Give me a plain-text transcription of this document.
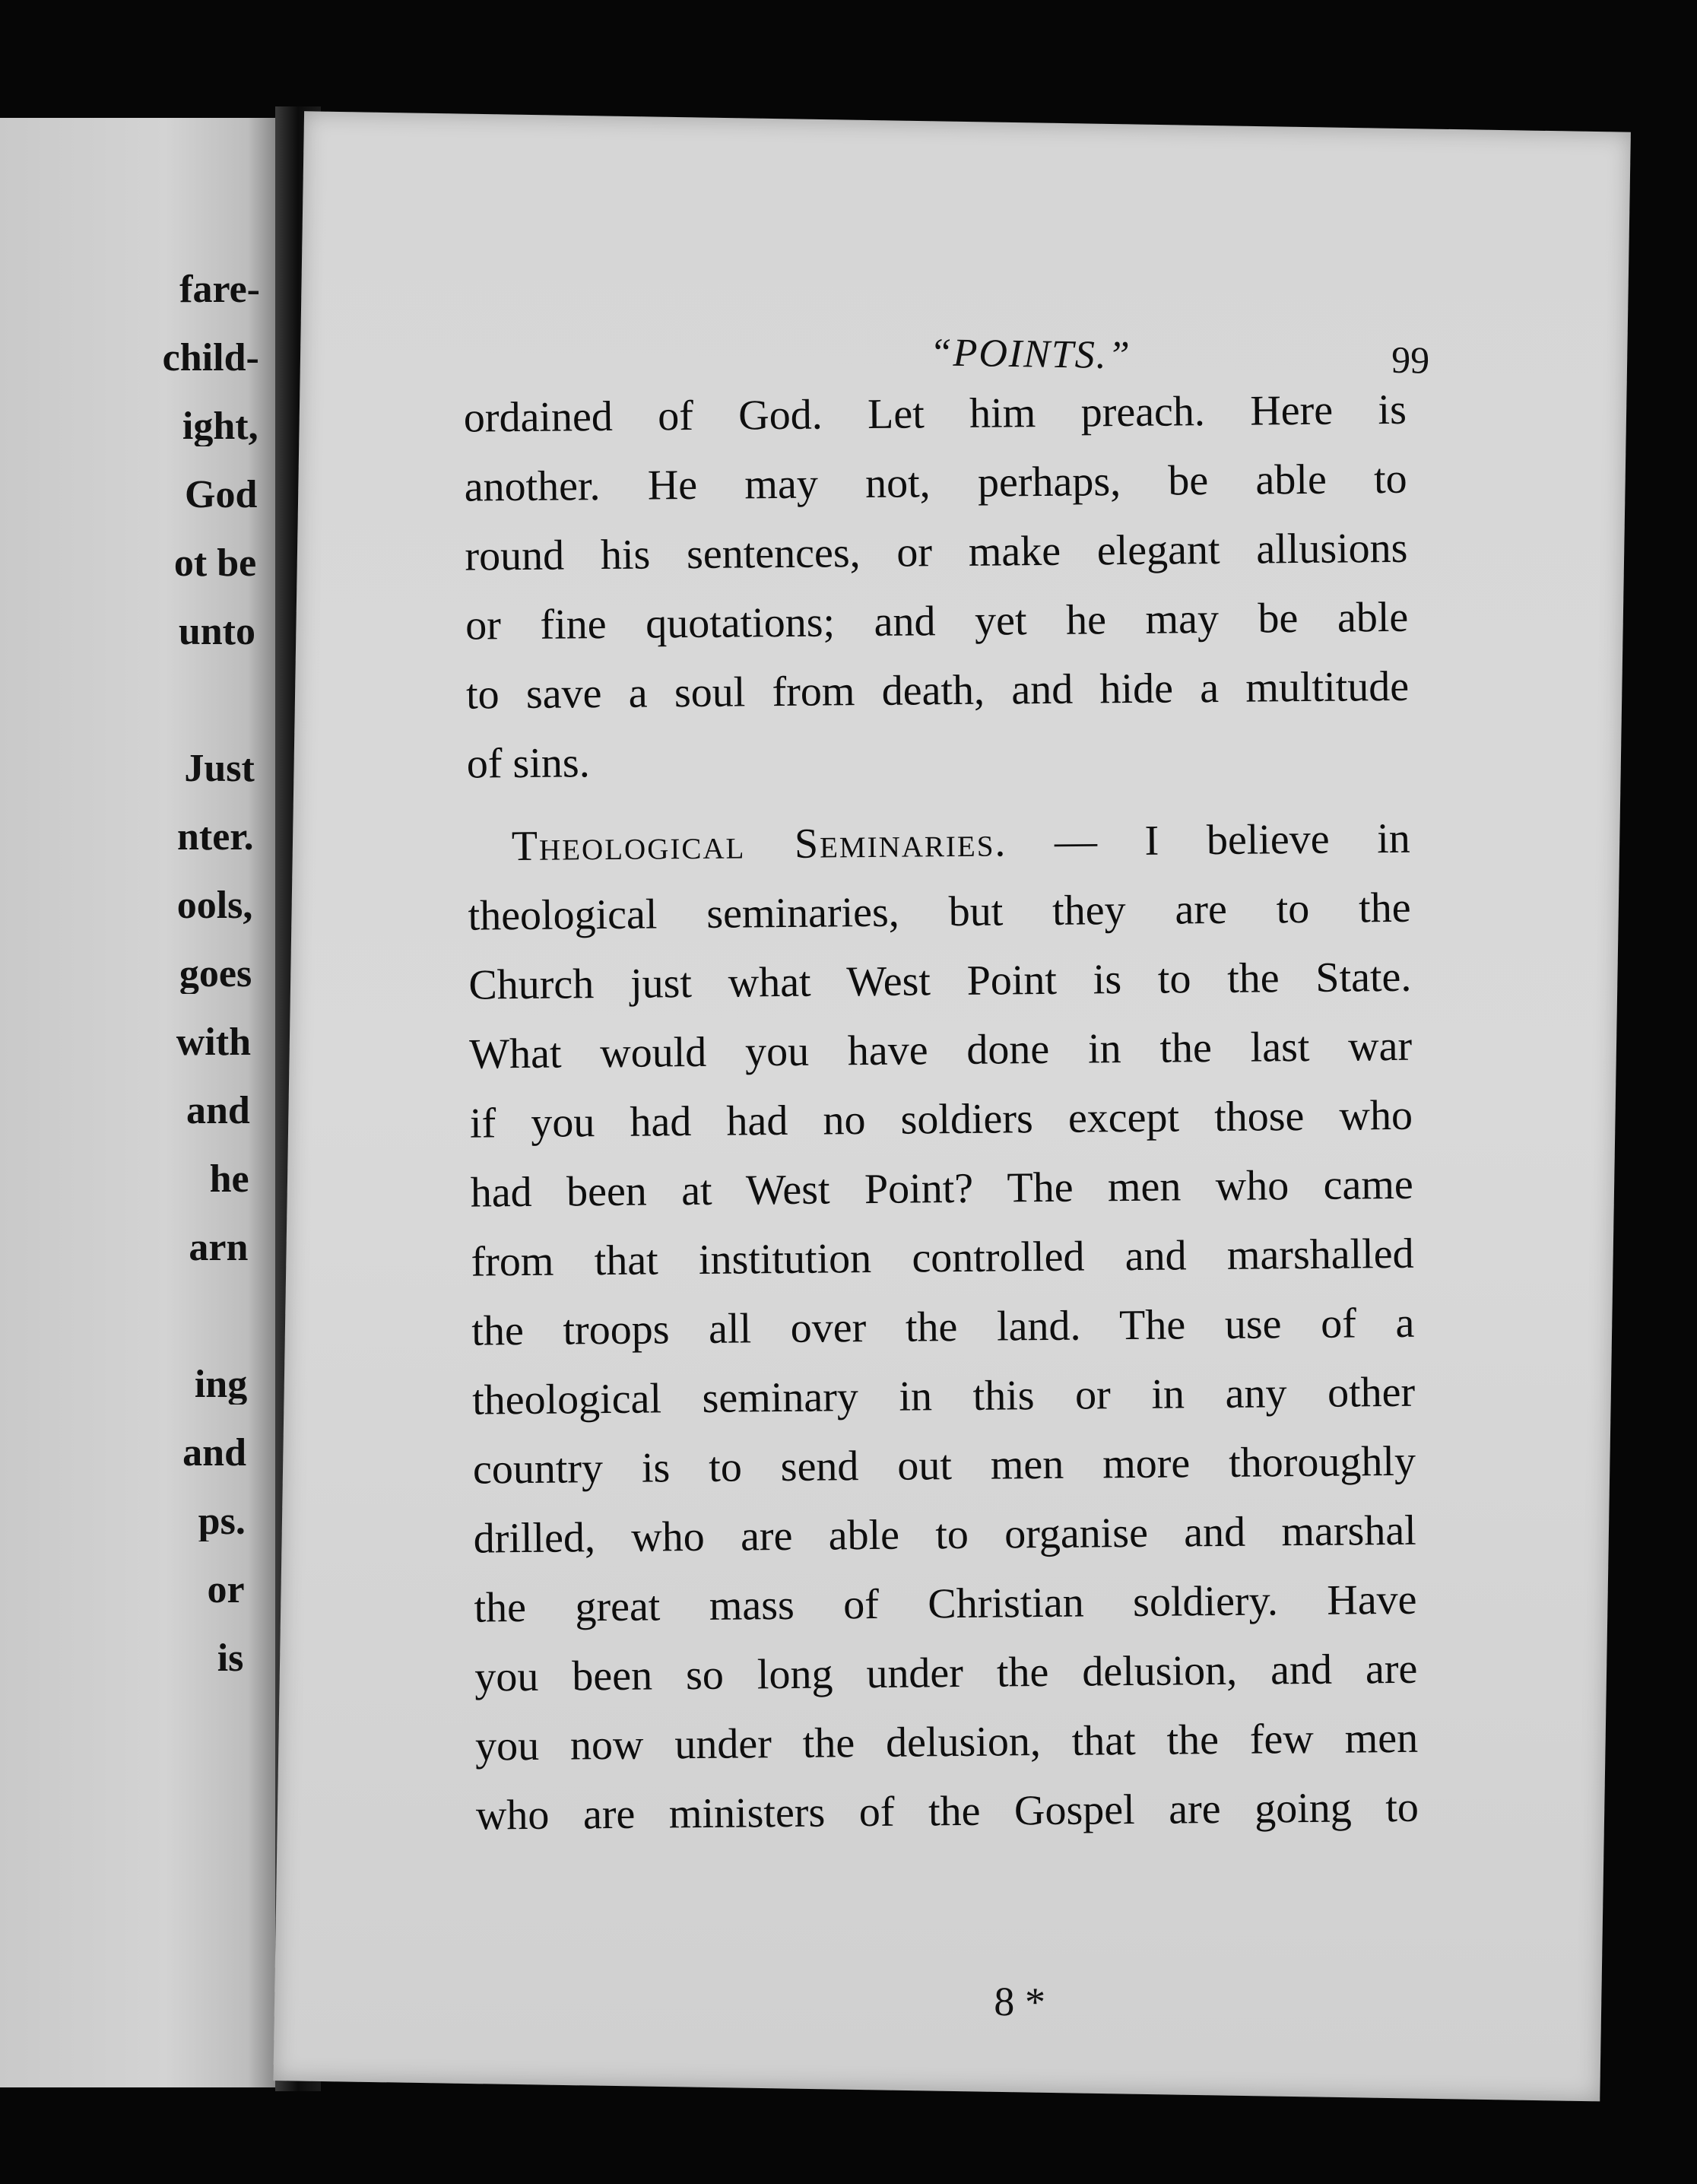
fare-
child-
ight,
God
ot be
unto
Just
nter.
ools,
goes
with
and
he
arn
ing
and
ps.
or
is
“POINTS.”	99
ordained of God. Let him preach. Here is
another. He may not, perhaps, be able to
round his sentences, or make elegant allusions
or fine quotations; and yet he may be able
to save a soul from death, and hide a multitude
of sins.
Theological Seminaries. — I believe in
theological seminaries, but they are to the
Church just what West Point is to the State.
What would you have done in the last war
if you had had no soldiers except those who
had been at West Point? The men who came
from that institution controlled and marshalled
the troops all over the land. The use of a
theological seminary in this or in any other
country is to send out men more thoroughly
drilled, who are able to organise and marshal
the great mass of Christian soldiery. Have
you been so long under the delusion, and are
you now under the delusion, that the few men
who are ministers of the Gospel are going to
8 *
